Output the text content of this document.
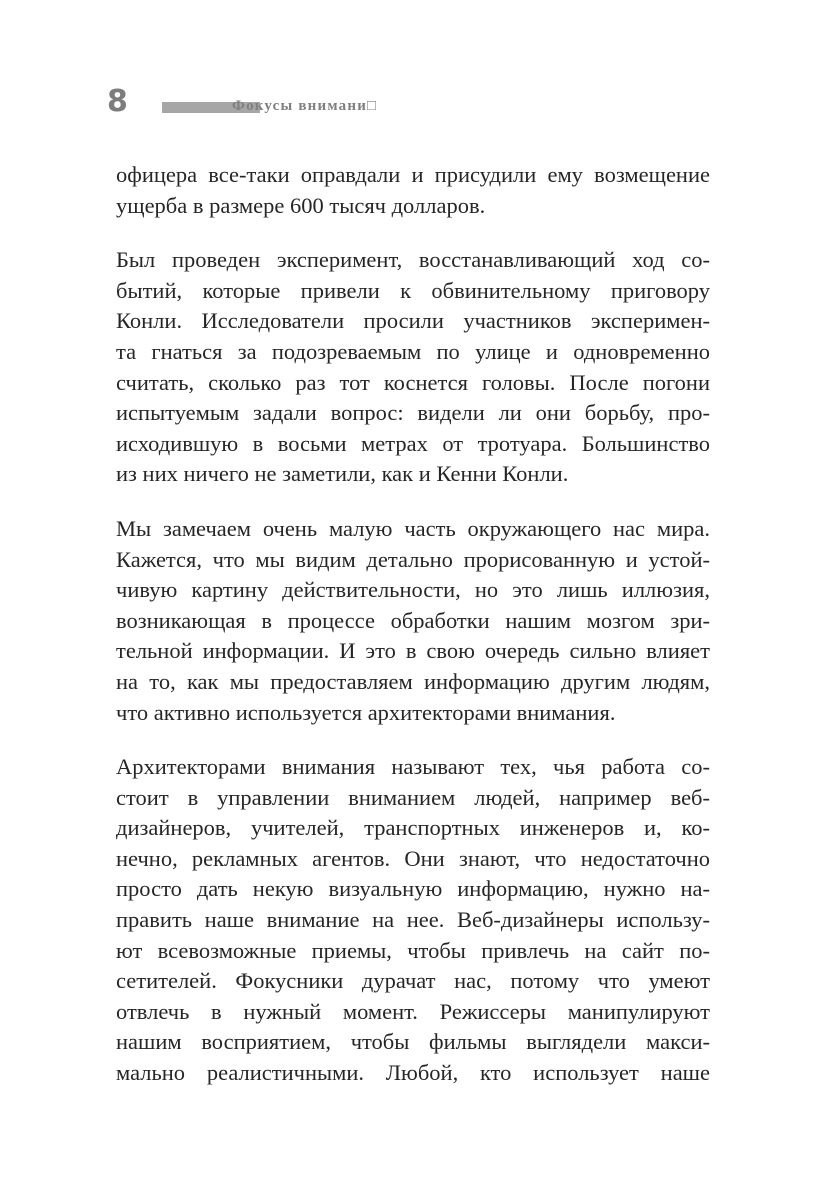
8	Фокусы внимани□

офицера все-таки оправдали и присудили ему возмещение
ущерба в размере 600 тысяч долларов.

Был проведен эксперимент, восстанавливающий ход со-
бытий, которые привели к обвинительному приговору
Конли. Исследователи просили участников эксперимен-
та гнаться за подозреваемым по улице и одновременно
считать, сколько раз тот коснется головы. После погони
испытуемым задали вопрос: видели ли они борьбу, про-
исходившую в восьми метрах от тротуара. Большинство
из них ничего не заметили, как и Кенни Конли.

Мы замечаем очень малую часть окружающего нас мира.
Кажется, что мы видим детально прорисованную и устой-
чивую картину действительности, но это лишь иллюзия,
возникающая в процессе обработки нашим мозгом зри-
тельной информации. И это в свою очередь сильно влияет
на то, как мы предоставляем информацию другим людям,
что активно используется архитекторами внимания.

Архитекторами внимания называют тех, чья работа со-
стоит в управлении вниманием людей, например веб-
дизайнеров, учителей, транспортных инженеров и, ко-
нечно, рекламных агентов. Они знают, что недостаточно
просто дать некую визуальную информацию, нужно на-
править наше внимание на нее. Веб-дизайнеры использу-
ют всевозможные приемы, чтобы привлечь на сайт по-
сетителей. Фокусники дурачат нас, потому что умеют
отвлечь в нужный момент. Режиссеры манипулируют
нашим восприятием, чтобы фильмы выглядели макси-
мально реалистичными. Любой, кто использует наше
